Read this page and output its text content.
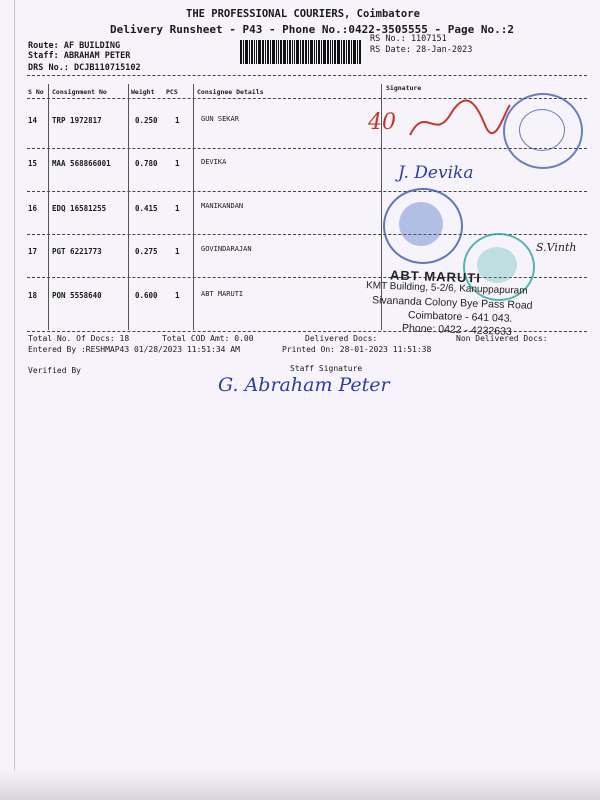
THE PROFESSIONAL COURIERS, Coimbatore
Delivery Runsheet - P43 - Phone No.:0422-3505555 - Page No.:2
Route: AF BUILDING
Staff: ABRAHAM PETER
DRS No.: DCJB110715102
RS No.: 1107151
RS Date: 28-Jan-2023
S No Consignment No	Weight PCS	Consignee Details	Signature
14 TRP 1972817	0.250 1	GUN SEKAR
15 MAA 568866001	0.780 1	DEVIKA
16 EDQ 16581255	0.415 1	MANIKANDAN
17 PGT 6221773	0.275 1	GOVINDARAJAN
18 PON 5558640	0.600 1	ABT MARUTI
ABT MARUTI
KMT Building, 5-2/6, Kanuppapuram
Sivananda Colony Bye Pass Road
Coimbatore - 641 043.
Phone: 0422 - 4232633
40
J. Devika
S.Vinth
Total No. Of Docs: 18	Total COD Amt: 0.00	Delivered Docs:	Non Delivered Docs:
Entered By :RESHMAP43 01/28/2023 11:51:34 AM	Printed On: 28-01-2023 11:51:38
Verified By	Staff Signature
G. Abraham Peter
